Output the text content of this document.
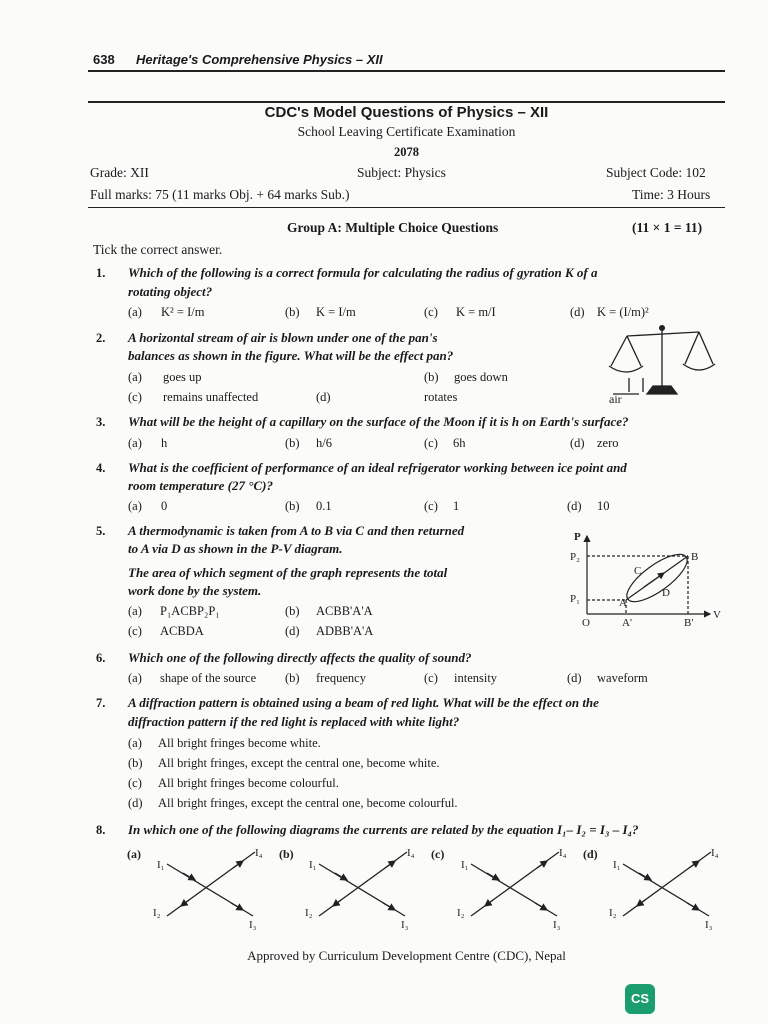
638 Heritage's Comprehensive Physics – XII
CDC's Model Questions of Physics – XII
School Leaving Certificate Examination
2078
Grade: XII	Subject: Physics	Subject Code: 102
Full marks: 75 (11 marks Obj. + 64 marks Sub.)	Time: 3 Hours
Group A: Multiple Choice Questions	(11 × 1 = 11)
Tick the correct answer.
1. Which of the following is a correct formula for calculating the radius of gyration K of a
rotating object?
(a) K² = I/m	(b) K = I/m	(c) K = m/I	(d) K = (I/m)²
2. A horizontal stream of air is blown under one of the pan's
balances as shown in the figure. What will be the effect pan?
(a) goes up	(b) goes down
(c) remains unaffected	(d)	rotates	air
3. What will be the height of a capillary on the surface of the Moon if it is h on Earth's surface?
(a) h	(b) h/6	(c) 6h	(d) zero
4. What is the coefficient of performance of an ideal refrigerator working between ice point and
room temperature (27 °C)?
(a) 0	(b) 0.1	(c) 1	(d) 10
5. A thermodynamic is taken from A to B via C and then returned
to A via D as shown in the P-V diagram.
The area of which segment of the graph represents the total
work done by the system.
(a) P₁ACBP₂P₁	(b) ACBB'A'A
(c) ACBDA	(d) ADBB'A'A
P
P₂
P₁	A
B
C
D
O	A'	B'
V
6. Which one of the following directly affects the quality of sound?
(a) shape of the source (b) frequency	(c) intensity	(d) waveform
7. A diffraction pattern is obtained using a beam of red light. What will be the effect on the
diffraction pattern if the red light is replaced with white light?
(a) All bright fringes become white.
(b) All bright fringes, except the central one, become white.
(c) All bright fringes become colourful.
(d) All bright fringes, except the central one, become colourful.
8. In which one of the following diagrams the currents are related by the equation I₁– I₂ = I₃ – I₄?
(a)
I₁
I₂
I₃
I₄ (b)
I₁
I₂
I₃
I₄ (c)
I₁
I₂
I₃
I₄ (d)
I₁
I₂
I₃
I₄
Approved by Curriculum Development Centre (CDC), Nepal
CS
